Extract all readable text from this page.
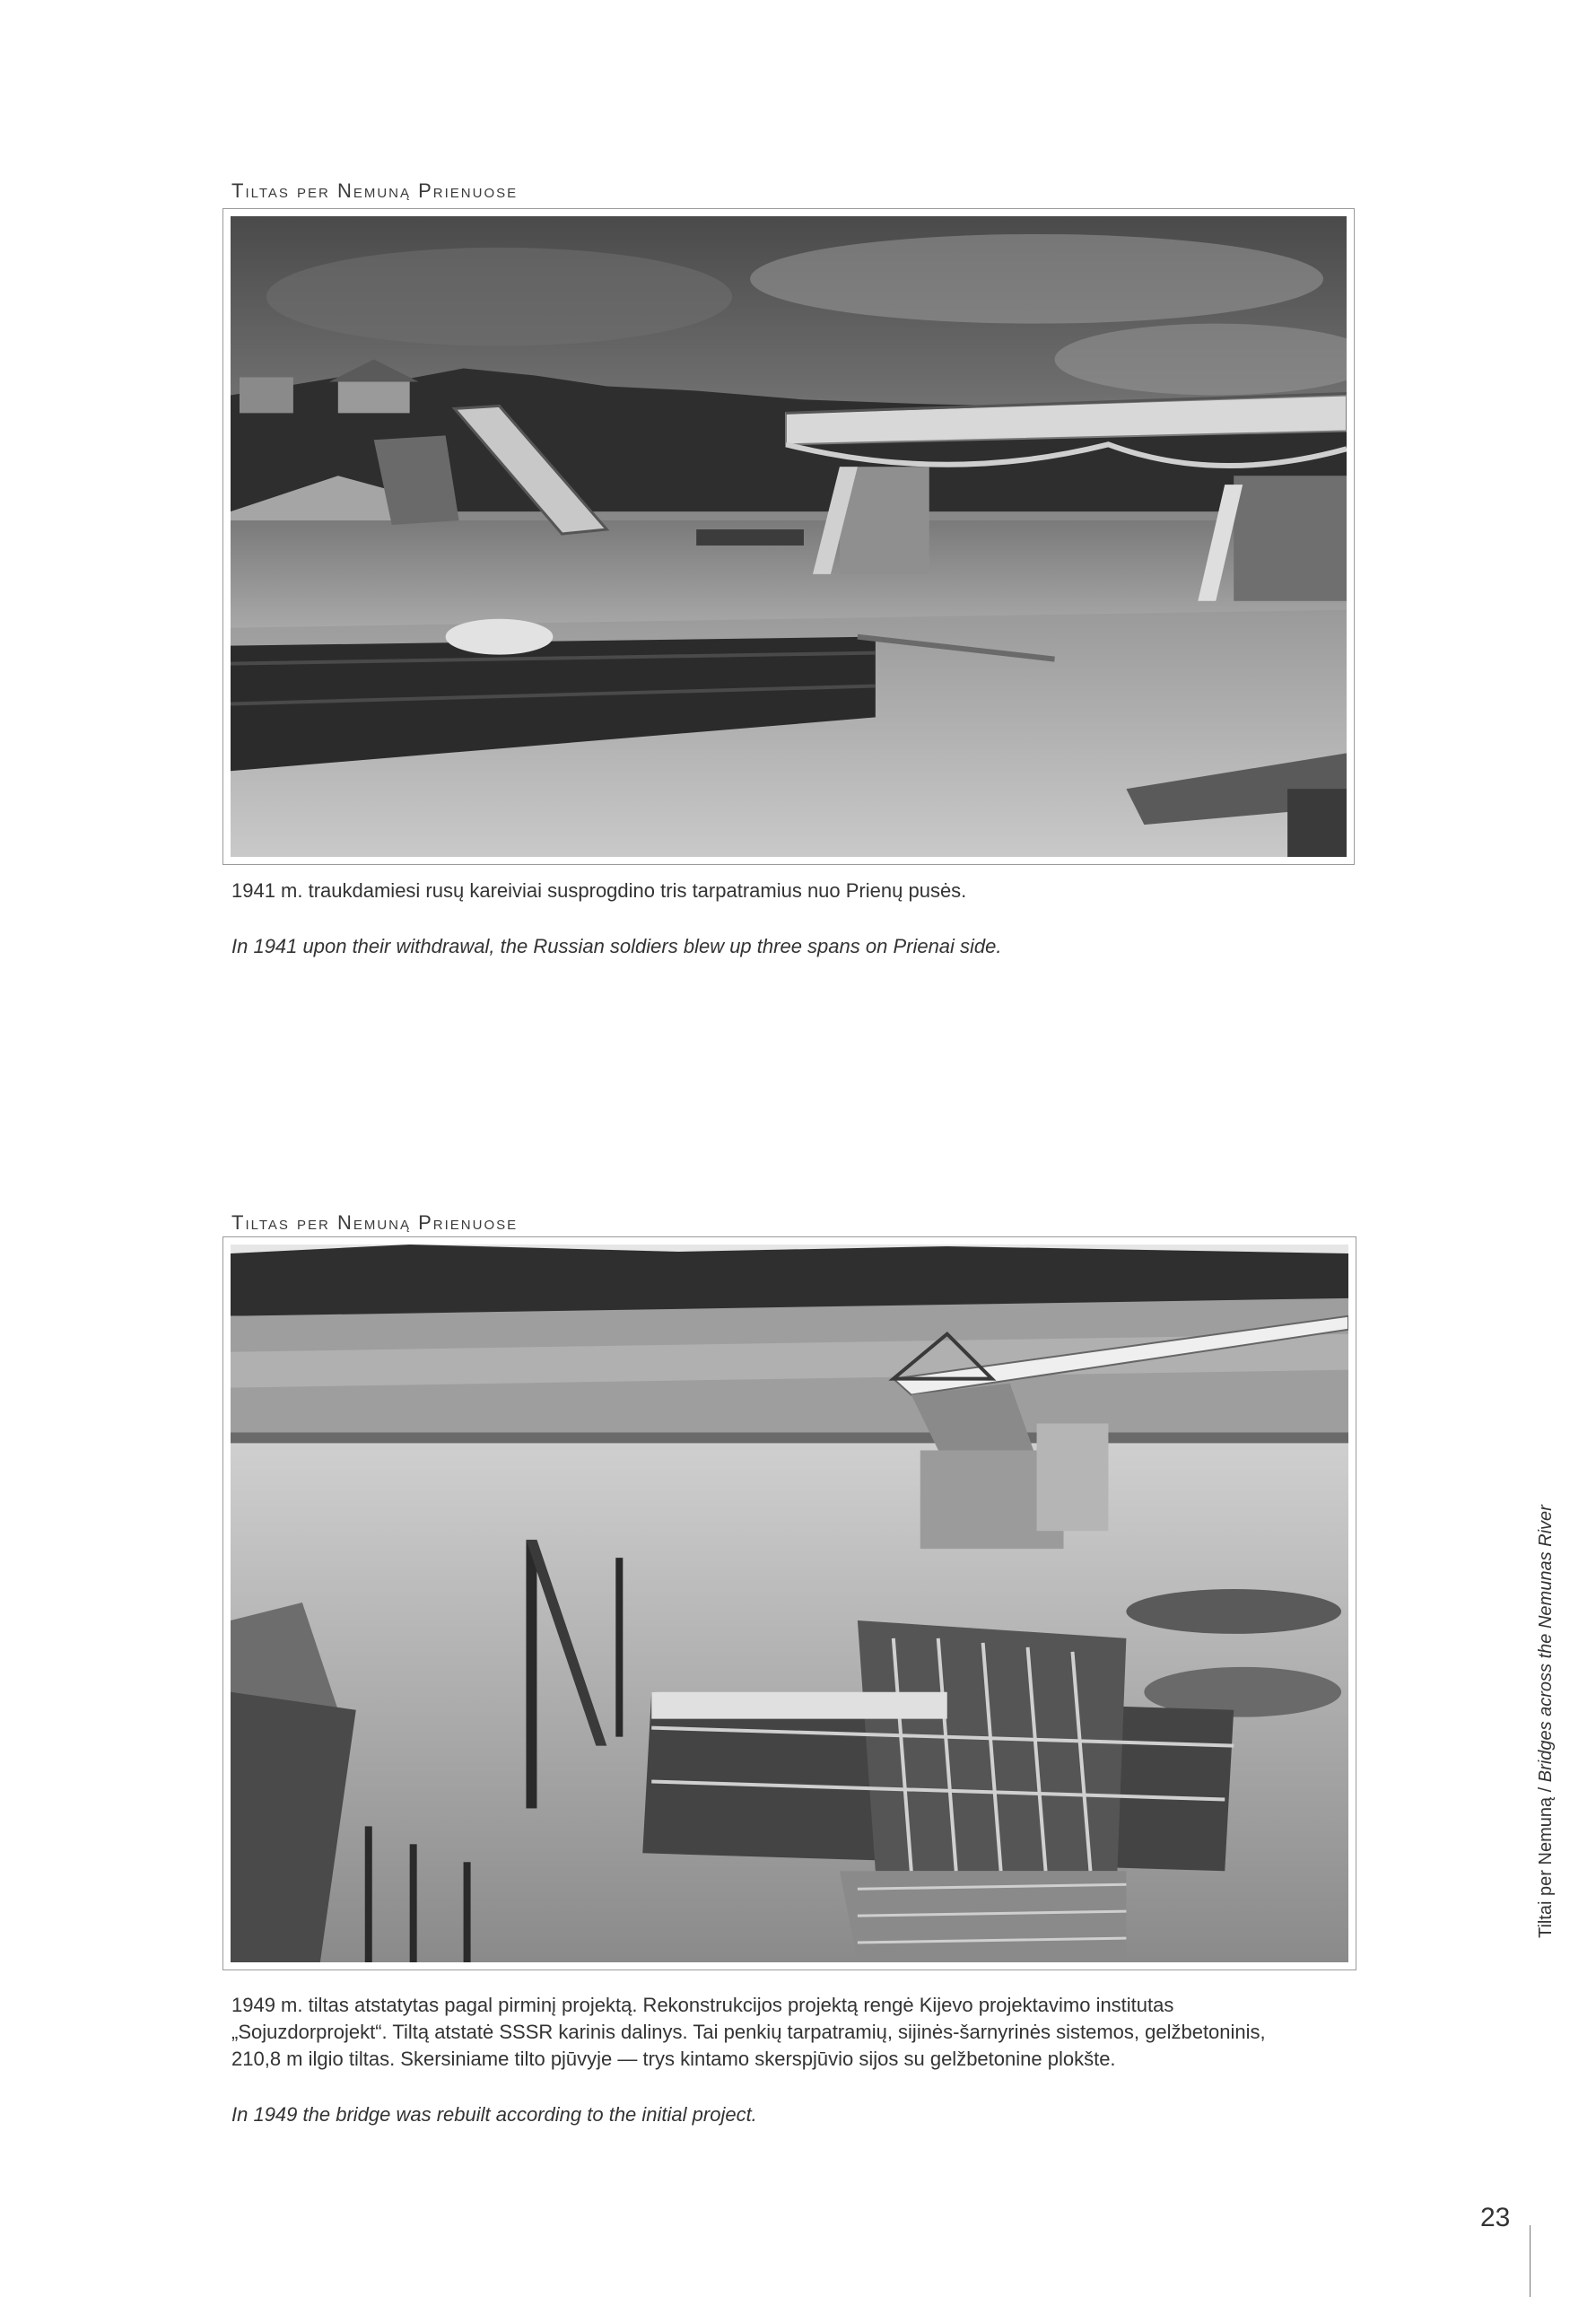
Tiltas per Nemuną Prienuose
1941 m. traukdamiesi rusų kareiviai susprogdino tris tarpatramius nuo Prienų pusės.
In 1941 upon their withdrawal, the Russian soldiers blew up three spans on Prienai side.
Tiltas per Nemuną Prienuose

1949 m. tiltas atstatytas pagal pirminį projektą. Rekonstrukcijos projektą rengė Kijevo projektavimo institutas

„Sojuzdorprojekt“. Tiltą atstatė SSSR karinis dalinys. Tai penkių tarpatramių, sijinės-šarnyrinės sistemos, gelžbetoninis,

210,8 m ilgio tiltas. Skersiniame tilto pjūvyje — trys kintamo skerspjūvio sijos su gelžbetonine plokšte.

In 1949 the bridge was rebuilt according to the initial project.
Tiltai per Nemuną / Bridges across the Nemunas River
23
